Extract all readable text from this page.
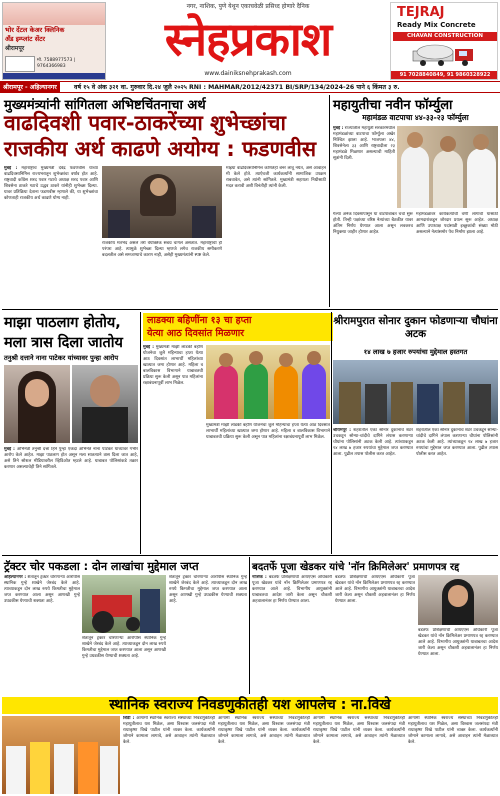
भोर देंटल केअर क्लिनिक
ॲंड इम्प्लांट सेंटर
श्रीरामपूर
मो. 7588977573 | 9764366983
नगर, नाशिक, पुणे येथून एकाचवेळी प्रसिध्द होणारे दैनिक
स्नेहप्रकाश
www.dainiksnehprakash.com
TEJRAJ
Ready Mix Concrete
CHAVAN CONSTRUCTION
91 7028840849, 91 9860328922
श्रीरामपूर - अहिल्यानगर	वर्ष १५ वे अंक ३२१ वा. गुरुवार दि.२४ जुलै २०२५ RNI : MAHMAR/2012/42371 BI/SRP/134/2024-26 पाने ६ किंमत ३ रु.
मुख्यमंत्र्यांनी सांगितला अभिष्टचिंतनाचा अर्थ
वाढदिवशी पवार-ठाकरेंच्या शुभेच्छांचा
राजकीय अर्थ काढणे अयोग्य : फडणवीस

मुंबई : महाराष्ट्राचे मुख्यमंत्री देवेंद्र फडणवीस यांच्या वाढदिवसानिमित्त राज्यभरातून शुभेच्छांचा वर्षाव होत आहे. राष्ट्रवादी काँग्रेस शरद पवार गटाचे अध्यक्ष शरद पवार आणि शिवसेना ठाकरे गटाचे उद्धव ठाकरे यांनीही शुभेच्छा दिल्या. यावर प्रतिक्रिया देताना फडणवीस म्हणाले की, या शुभेच्छांचा कोणताही राजकीय अर्थ काढणे योग्य नाही.

राजकीय मतभेद असले तरी वैयक्तिक संबंध चांगले असतात. महाराष्ट्राची ही परंपरा आहे. त्यामुळे शुभेच्छा दिल्या म्हणजे लगेच राजकीय समीकरणे बदलतील असे समजण्याचे कारण नाही, असेही मुख्यमंत्र्यांनी स्पष्ट केले.

माझ्या वाढदिवसानिमित्त कोणतेही बॅनर लावू नयेत, असे आवाहन मी केले होते. त्याऐवजी कार्यकर्त्यांनी सामाजिक उपक्रम राबवावेत, असे त्यांनी सांगितले. मुख्यमंत्री सहायता निधीसाठी मदत करावी अशी विनंतीही त्यांनी केली.

महायुतीचा नवीन फॉर्म्युला
महामंडळ वाटपाचा ४४-३३-२३ फॉर्म्युला

मुंबई : राज्यातील महायुती सरकारमधील महामंडळांच्या वाटपाचा फॉर्म्युला अखेर निश्चित झाला आहे. भाजपला ४४, शिवसेनेला ३३ आणि राष्ट्रवादीला २३ महामंडळे मिळणार असल्याची माहिती सूत्रांनी दिली.

गेल्या अनेक दिवसांपासून या वाटपाबाबत चर्चा सुरू होती. तिन्ही पक्षांच्या वरिष्ठ नेत्यांच्या बैठकीत यावर अंतिम निर्णय घेण्यात आला असून लवकरच नियुक्त्या जाहीर होणार आहेत.

महामंडळांवर कार्यकर्त्यांची वर्णी लागावी यासाठी आमदारांकडून जोरदार प्रयत्न सुरू आहेत. अध्यक्ष आणि उपाध्यक्ष पदांसाठी इच्छुकांची संख्या मोठी असल्याने नेत्यांसमोर पेच निर्माण झाला आहे.

माझा पाठलाग होतोय, मला त्रास दिला जातोय
तनुश्री दत्ताने नाना पाटेकर यांच्यावर पुन्हा आरोप

मुंबई : अभिनेत्री तनुश्री दत्ता हिने पुन्हा एकदा अभिनेते नाना पाटेकर यांच्यावर गंभीर आरोप केले आहेत. माझा पाठलाग होत असून मला सातत्याने त्रास दिला जात आहे, असे तिने सोशल मीडियावरील व्हिडिओत म्हटले आहे. याबाबत पोलिसांकडे तक्रार करणार असल्याचेही तिने सांगितले.

लाडक्या बहिणींना १३ चा हप्ता
येत्या आठ दिवसांत मिळणार

मुंबई : मुख्यमंत्री माझी लाडकी बहीण योजनेचा जुलै महिन्याचा हप्ता येत्या आठ दिवसांत लाभार्थी महिलांच्या खात्यात जमा होणार आहे. महिला व बालविकास विभागाने याबाबतची प्रक्रिया सुरू केली असून पात्र महिलांना रक्षाबंधनापूर्वी लाभ मिळेल.

मुख्यमंत्री माझी लाडकी बहीण योजनेचा जुलै महिन्याचा हप्ता येत्या आठ दिवसांत लाभार्थी महिलांच्या खात्यात जमा होणार आहे. महिला व बालविकास विभागाने याबाबतची प्रक्रिया सुरू केली असून पात्र महिलांना रक्षाबंधनापूर्वी लाभ मिळेल.

श्रीरामपुरात सोनार दुकान फोडणाऱ्या चौघांना अटक
१४ लाख ७ हजार रुपयांचा मुद्देमाल हस्तगत

श्रीरामपूर : शहरातील एका सोनार दुकानाचे शटर उचकटून सोन्या-चांदीचे दागिने लंपास करणाऱ्या चौघांना पोलिसांनी अटक केली आहे. त्यांच्याकडून १४ लाख ७ हजार रुपयांचा मुद्देमाल जप्त करण्यात आला. पुढील तपास पोलीस करत आहेत.

शहरातील एका सोनार दुकानाचे शटर उचकटून सोन्या-चांदीचे दागिने लंपास करणाऱ्या चौघांना पोलिसांनी अटक केली आहे. त्यांच्याकडून १४ लाख ७ हजार रुपयांचा मुद्देमाल जप्त करण्यात आला. पुढील तपास पोलीस करत आहेत.

ट्रॅक्टर चोर पकडला : दोन लाखांचा मुद्देमाल जप्त

अहिल्यानगर : शेतातून ट्रॅक्टर चोरणाऱ्या आरोपीस स्थानिक गुन्हे शाखेने जेरबंद केले आहे. त्याच्याकडून दोन लाख रुपये किमतीचा मुद्देमाल जप्त करण्यात आला असून आणखी गुन्हे उघडकीस येण्याची शक्यता आहे.

शेतातून ट्रॅक्टर चोरणाऱ्या आरोपीस स्थानिक गुन्हे शाखेने जेरबंद केले आहे. त्याच्याकडून दोन लाख रुपये किमतीचा मुद्देमाल जप्त करण्यात आला असून आणखी गुन्हे उघडकीस येण्याची शक्यता आहे.

शेतातून ट्रॅक्टर चोरणाऱ्या आरोपीस स्थानिक गुन्हे शाखेने जेरबंद केले आहे. त्याच्याकडून दोन लाख रुपये किमतीचा मुद्देमाल जप्त करण्यात आला असून आणखी गुन्हे उघडकीस येण्याची शक्यता आहे.

बदतर्फे पूजा खेडकर यांचे 'नॉन क्रिमिलेअर' प्रमाणपत्र रद्द

नाशिक : बडतर्फ प्रशिक्षणार्थी आयएएस अधिकारी पूजा खेडकर यांचे नॉन क्रिमिलेअर प्रमाणपत्र रद्द करण्यात आले आहे. विभागीय आयुक्तांनी याबाबतचा आदेश जारी केला असून चौकशी अहवालानंतर हा निर्णय घेण्यात आला.

बडतर्फ प्रशिक्षणार्थी आयएएस अधिकारी पूजा खेडकर यांचे नॉन क्रिमिलेअर प्रमाणपत्र रद्द करण्यात आले आहे. विभागीय आयुक्तांनी याबाबतचा आदेश जारी केला असून चौकशी अहवालानंतर हा निर्णय घेण्यात आला.

बडतर्फ प्रशिक्षणार्थी आयएएस अधिकारी पूजा खेडकर यांचे नॉन क्रिमिलेअर प्रमाणपत्र रद्द करण्यात आले आहे. विभागीय आयुक्तांनी याबाबतचा आदेश जारी केला असून चौकशी अहवालानंतर हा निर्णय घेण्यात आला.

स्थानिक स्वराज्य निवडणुकीतही यश आपलेच : ना.विखे

शिर्डी : आगामी स्थानिक स्वराज्य संस्थांच्या निवडणुकीतही महायुतीलाच यश मिळेल, असा विश्वास जलसंपदा मंत्री राधाकृष्ण विखे पाटील यांनी व्यक्त केला. कार्यकर्त्यांनी जोमाने कामाला लागावे, असे आवाहन त्यांनी मेळाव्यात केले.

आगामी स्थानिक स्वराज्य संस्थांच्या निवडणुकीतही महायुतीलाच यश मिळेल, असा विश्वास जलसंपदा मंत्री राधाकृष्ण विखे पाटील यांनी व्यक्त केला. कार्यकर्त्यांनी जोमाने कामाला लागावे, असे आवाहन त्यांनी मेळाव्यात केले.

आगामी स्थानिक स्वराज्य संस्थांच्या निवडणुकीतही महायुतीलाच यश मिळेल, असा विश्वास जलसंपदा मंत्री राधाकृष्ण विखे पाटील यांनी व्यक्त केला. कार्यकर्त्यांनी जोमाने कामाला लागावे, असे आवाहन त्यांनी मेळाव्यात केले.

आगामी स्थानिक स्वराज्य संस्थांच्या निवडणुकीतही महायुतीलाच यश मिळेल, असा विश्वास जलसंपदा मंत्री राधाकृष्ण विखे पाटील यांनी व्यक्त केला. कार्यकर्त्यांनी जोमाने कामाला लागावे, असे आवाहन त्यांनी मेळाव्यात केले.
